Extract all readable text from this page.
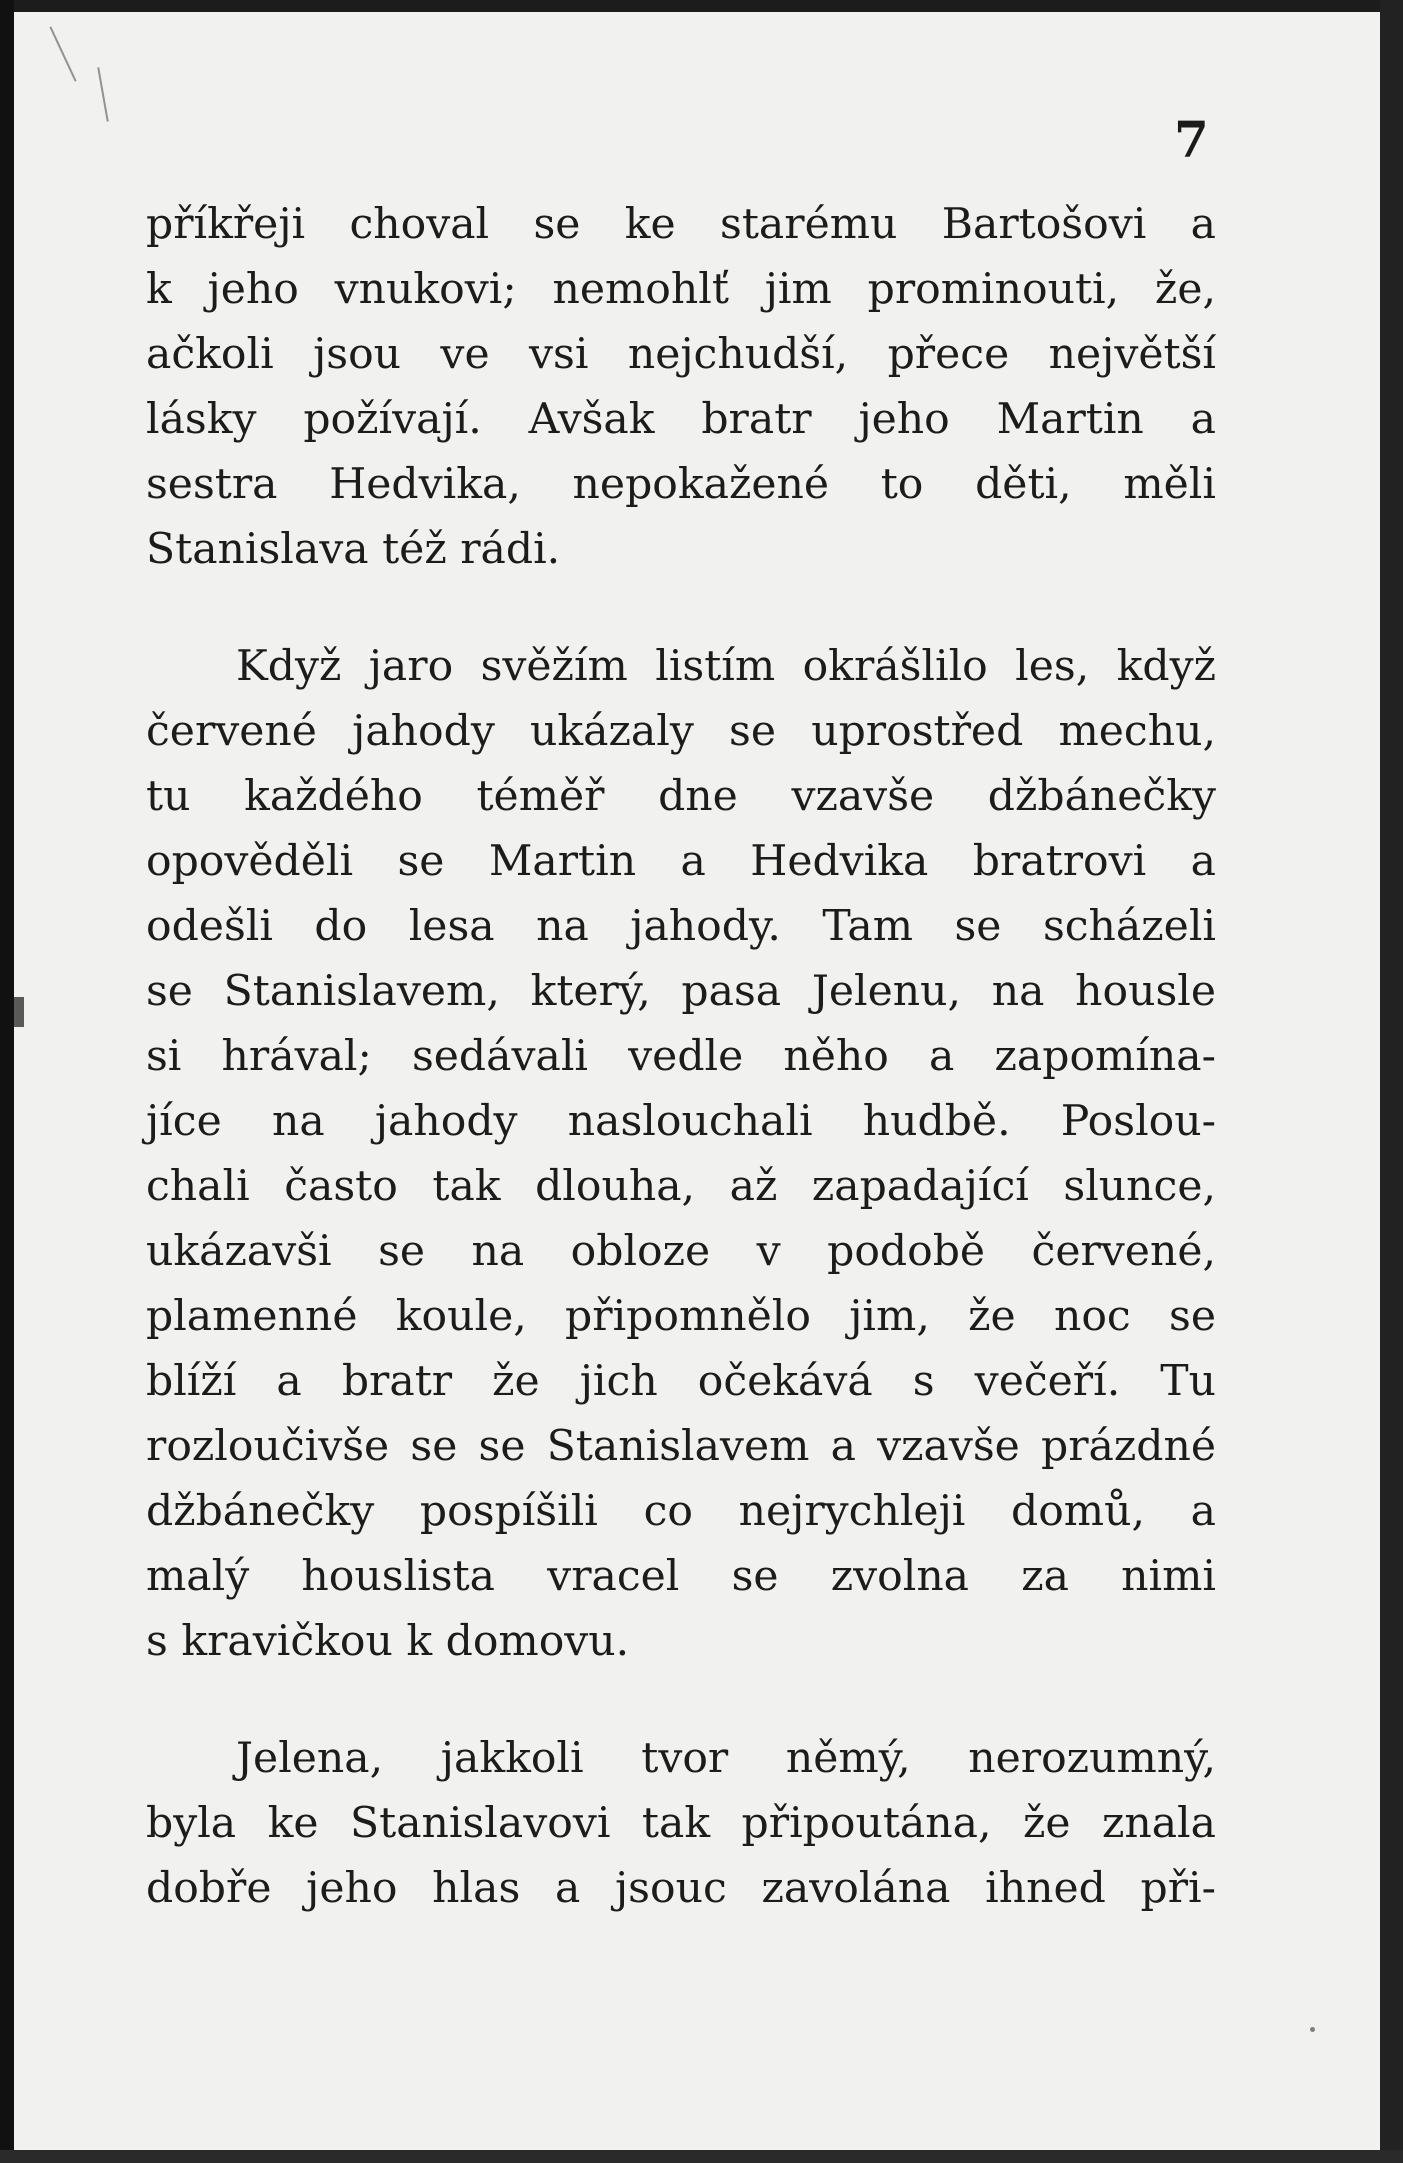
7
příkřeji choval se ke starému Bartošovi a
k jeho vnukovi; nemohlť jim prominouti, že,
ačkoli jsou ve vsi nejchudší, přece největší
lásky požívají. Avšak bratr jeho Martin a
sestra Hedvika, nepokažené to děti, měli
Stanislava též rádi.
Když jaro svěžím listím okrášlilo les, když
červené jahody ukázaly se uprostřed mechu,
tu každého téměř dne vzavše džbánečky
opověděli se Martin a Hedvika bratrovi a
odešli do lesa na jahody. Tam se scházeli
se Stanislavem, který, pasa Jelenu, na housle
si hrával; sedávali vedle něho a zapomína-
jíce na jahody naslouchali hudbě. Poslou-
chali často tak dlouha, až zapadající slunce,
ukázavši se na obloze v podobě červené,
plamenné koule, připomnělo jim, že noc se
blíží a bratr že jich očekává s večeří. Tu
rozloučivše se se Stanislavem a vzavše prázdné
džbánečky pospíšili co nejrychleji domů, a
malý houslista vracel se zvolna za nimi
s kravičkou k domovu.
Jelena, jakkoli tvor němý, nerozumný,
byla ke Stanislavovi tak připoutána, že znala
dobře jeho hlas a jsouc zavolána ihned při-
